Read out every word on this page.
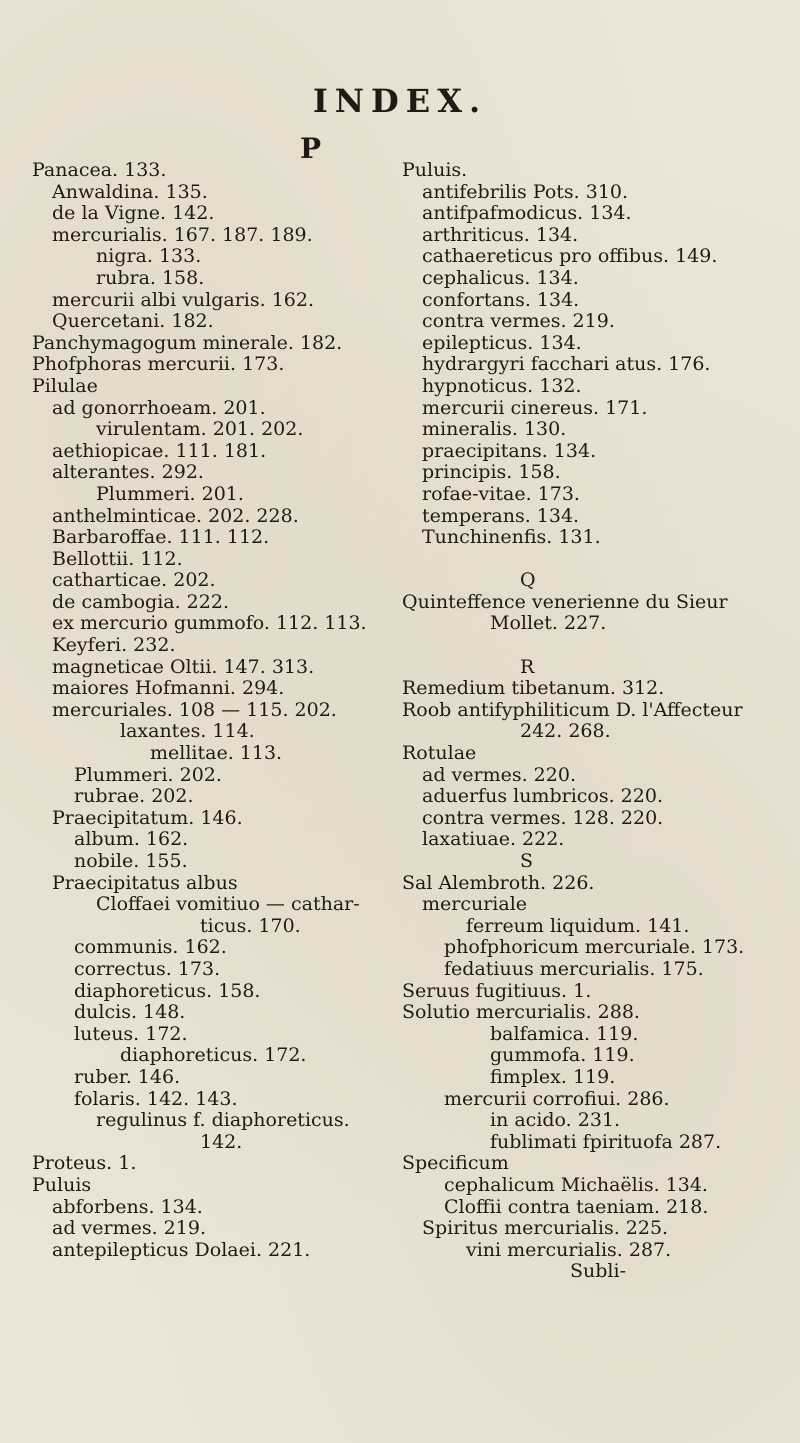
INDEX.
P
Panacea. 133.
Anwaldina. 135.
de la Vigne. 142.
mercurialis. 167. 187. 189.
nigra. 133.
rubra. 158.
mercurii albi vulgaris. 162.
Quercetani. 182.
Panchymagogum minerale. 182.
Phofphoras mercurii. 173.
Pilulae
ad gonorrhoeam. 201.
virulentam. 201. 202.
aethiopicae. 111. 181.
alterantes. 292.
Plummeri. 201.
anthelminticae. 202. 228.
Barbaroffae. 111. 112.
Bellottii. 112.
catharticae. 202.
de cambogia. 222.
ex mercurio gummofo. 112. 113.
Keyferi. 232.
magneticae Oltii. 147. 313.
maiores Hofmanni. 294.
mercuriales. 108 — 115. 202.
laxantes. 114.
mellitae. 113.
Plummeri. 202.
rubrae. 202.
Praecipitatum. 146.
album. 162.
nobile. 155.
Praecipitatus albus
Cloffaei vomitiuo — cathar-
ticus. 170.
communis. 162.
correctus. 173.
diaphoreticus. 158.
dulcis. 148.
luteus. 172.
diaphoreticus. 172.
ruber. 146.
folaris. 142. 143.
regulinus f. diaphoreticus.
142.
Proteus. 1.
Puluis
abforbens. 134.
ad vermes. 219.
antepilepticus Dolaei. 221.
Puluis.
antifebrilis Pots. 310.
antifpafmodicus. 134.
arthriticus. 134.
cathaereticus pro offibus. 149.
cephalicus. 134.
confortans. 134.
contra vermes. 219.
epilepticus. 134.
hydrargyri facchari atus. 176.
hypnoticus. 132.
mercurii cinereus. 171.
mineralis. 130.
praecipitans. 134.
principis. 158.
rofae-vitae. 173.
temperans. 134.
Tunchinenfis. 131.
Q
Quinteffence venerienne du Sieur
Mollet. 227.
R
Remedium tibetanum. 312.
Roob antifyphiliticum D. l'Affecteur
242. 268.
Rotulae
ad vermes. 220.
aduerfus lumbricos. 220.
contra vermes. 128. 220.
laxatiuae. 222.
S
Sal Alembroth. 226.
mercuriale
ferreum liquidum. 141.
phofphoricum mercuriale. 173.
fedatiuus mercurialis. 175.
Seruus fugitiuus. 1.
Solutio mercurialis. 288.
balfamica. 119.
gummofa. 119.
fimplex. 119.
mercurii corrofiui. 286.
in acido. 231.
fublimati fpirituofa 287.
Specificum
cephalicum Michaëlis. 134.
Cloffii contra taeniam. 218.
Spiritus mercurialis. 225.
vini mercurialis. 287.
Subli-
